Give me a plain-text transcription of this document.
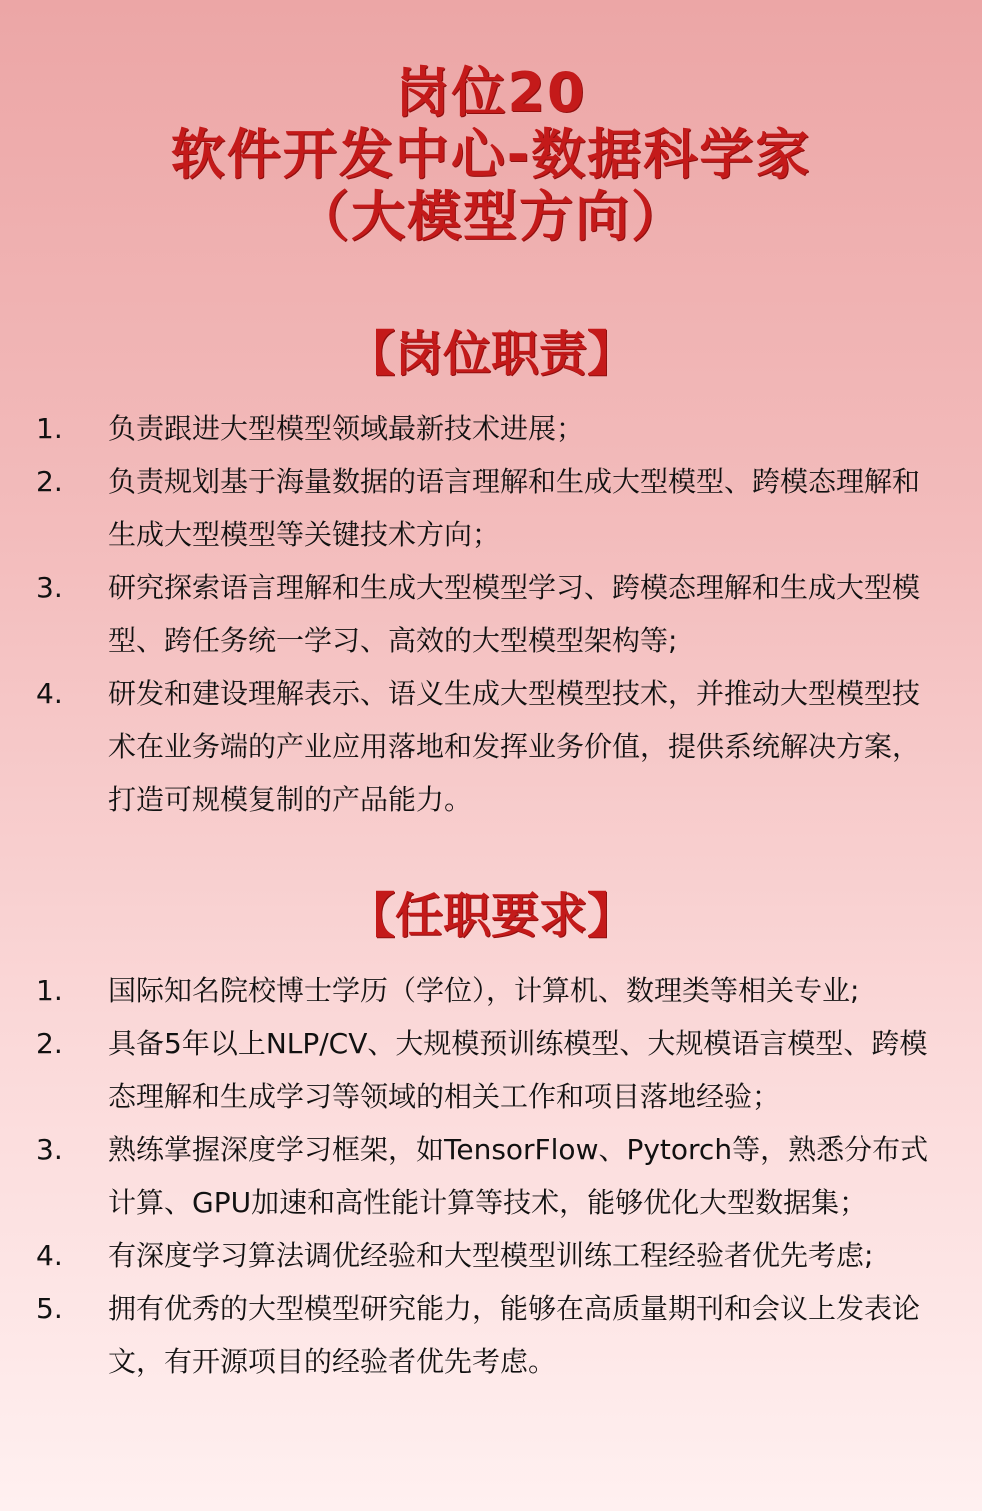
岗位20
软件开发中心-数据科学家
（大模型方向）
【岗位职责】
1.	负责跟进大型模型领域最新技术进展；
2.	负责规划基于海量数据的语言理解和生成大型模型、跨模态理解和生成大型模型等关键技术方向；
3.	研究探索语言理解和生成大型模型学习、跨模态理解和生成大型模型、跨任务统一学习、高效的大型模型架构等;
4.	研发和建设理解表示、语义生成大型模型技术，并推动大型模型技术在业务端的产业应用落地和发挥业务价值，提供系统解决方案，打造可规模复制的产品能力。
【任职要求】
1.	国际知名院校博士学历（学位），计算机、数理类等相关专业;
2.	具备5年以上NLP/CV、大规模预训练模型、大规模语言模型、跨模态理解和生成学习等领域的相关工作和项目落地经验；
3.	熟练掌握深度学习框架，如TensorFlow、Pytorch等，熟悉分布式计算、GPU加速和高性能计算等技术，能够优化大型数据集；
4.	有深度学习算法调优经验和大型模型训练工程经验者优先考虑;
5.	拥有优秀的大型模型研究能力，能够在高质量期刊和会议上发表论文，有开源项目的经验者优先考虑。
